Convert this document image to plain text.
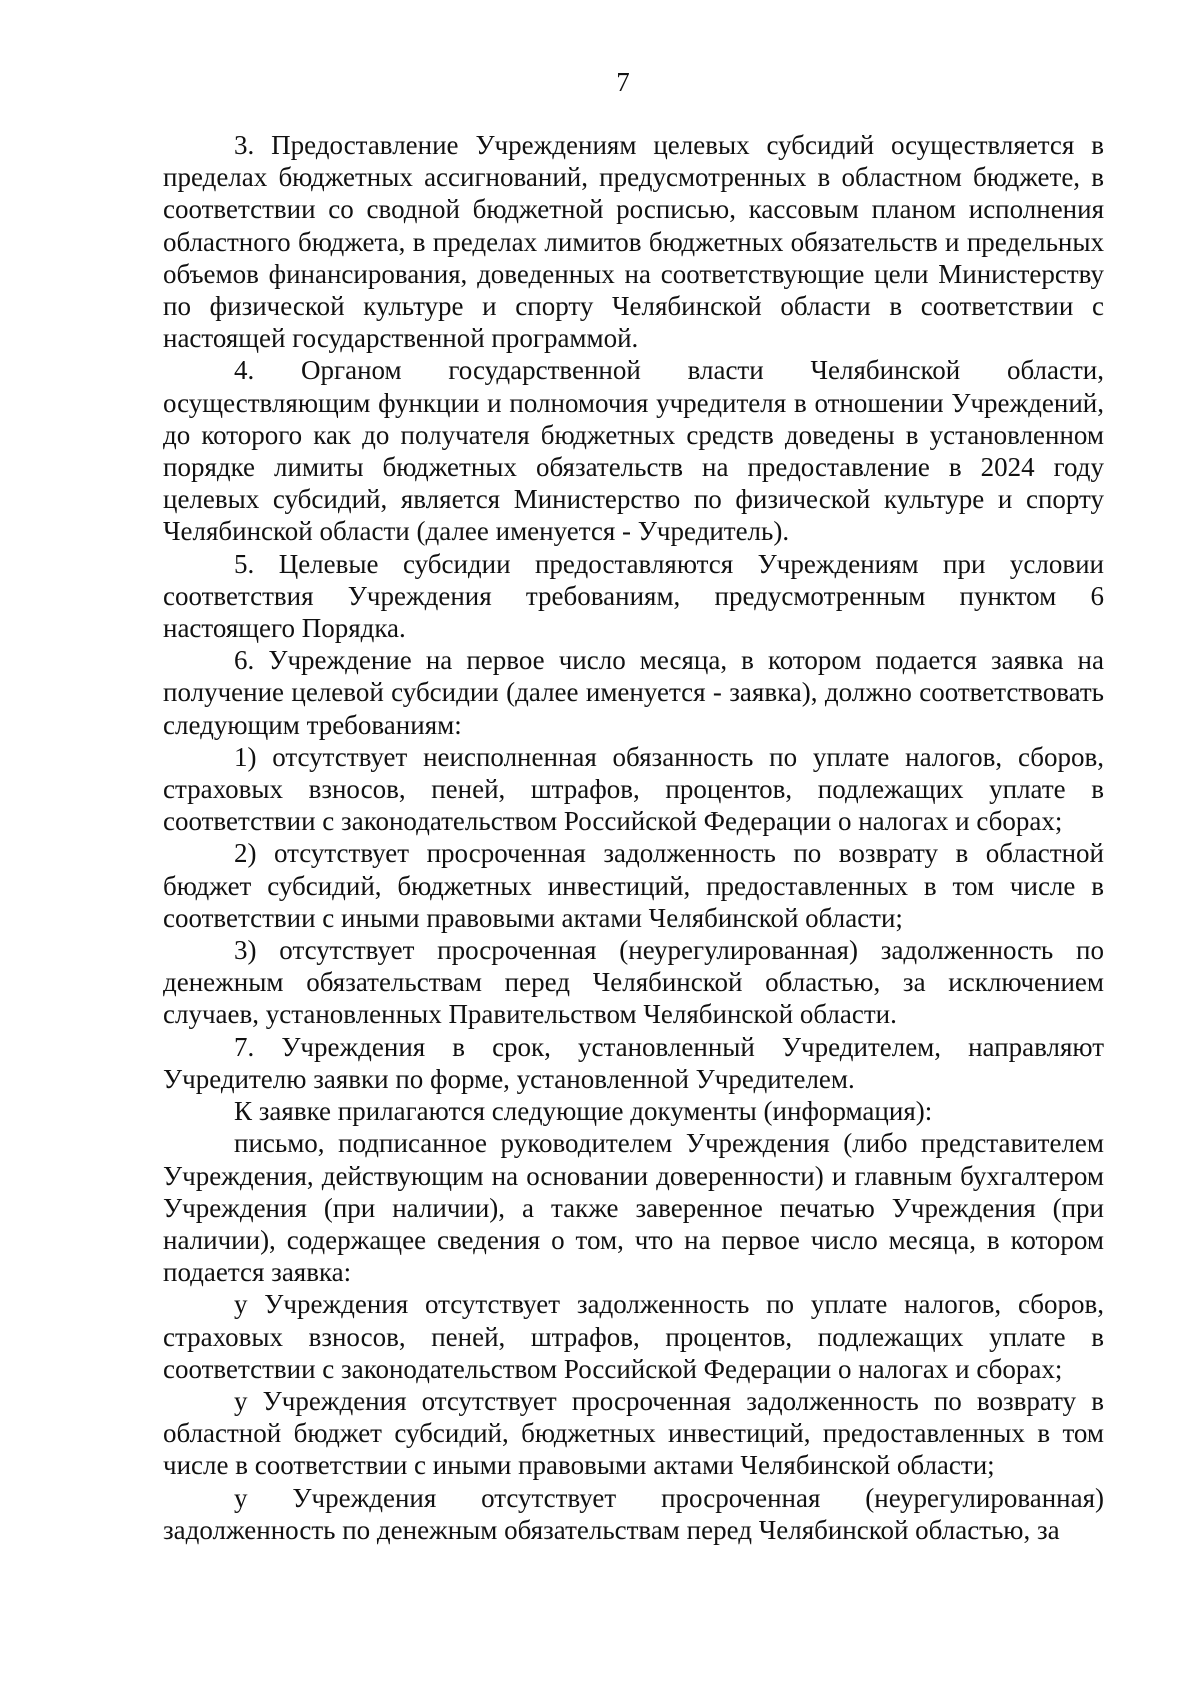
7

3. Предоставление Учреждениям целевых субсидий осуществляется в пределах бюджетных ассигнований, предусмотренных в областном бюджете, в соответствии со сводной бюджетной росписью, кассовым планом исполнения областного бюджета, в пределах лимитов бюджетных обязательств и предельных объемов финансирования, доведенных на соответствующие цели Министерству по физической культуре и спорту Челябинской области в соответствии с настоящей государственной программой.

4. Органом государственной власти Челябинской области, осуществляющим функции и полномочия учредителя в отношении Учреждений, до которого как до получателя бюджетных средств доведены в установленном порядке лимиты бюджетных обязательств на предоставление в 2024 году целевых субсидий, является Министерство по физической культуре и спорту Челябинской области (далее именуется - Учредитель).

5. Целевые субсидии предоставляются Учреждениям при условии соответствия Учреждения требованиям, предусмотренным пунктом 6 настоящего Порядка.

6. Учреждение на первое число месяца, в котором подается заявка на получение целевой субсидии (далее именуется - заявка), должно соответствовать следующим требованиям:

1) отсутствует неисполненная обязанность по уплате налогов, сборов, страховых взносов, пеней, штрафов, процентов, подлежащих уплате в соответствии с законодательством Российской Федерации о налогах и сборах;

2) отсутствует просроченная задолженность по возврату в областной бюджет субсидий, бюджетных инвестиций, предоставленных в том числе в соответствии с иными правовыми актами Челябинской области;

3) отсутствует просроченная (неурегулированная) задолженность по денежным обязательствам перед Челябинской областью, за исключением случаев, установленных Правительством Челябинской области.

7. Учреждения в срок, установленный Учредителем, направляют Учредителю заявки по форме, установленной Учредителем.

К заявке прилагаются следующие документы (информация):

письмо, подписанное руководителем Учреждения (либо представителем Учреждения, действующим на основании доверенности) и главным бухгалтером Учреждения (при наличии), а также заверенное печатью Учреждения (при наличии), содержащее сведения о том, что на первое число месяца, в котором подается заявка:

у Учреждения отсутствует задолженность по уплате налогов, сборов, страховых взносов, пеней, штрафов, процентов, подлежащих уплате в соответствии с законодательством Российской Федерации о налогах и сборах;

у Учреждения отсутствует просроченная задолженность по возврату в областной бюджет субсидий, бюджетных инвестиций, предоставленных в том числе в соответствии с иными правовыми актами Челябинской области;

у Учреждения отсутствует просроченная (неурегулированная) задолженность по денежным обязательствам перед Челябинской областью, за
